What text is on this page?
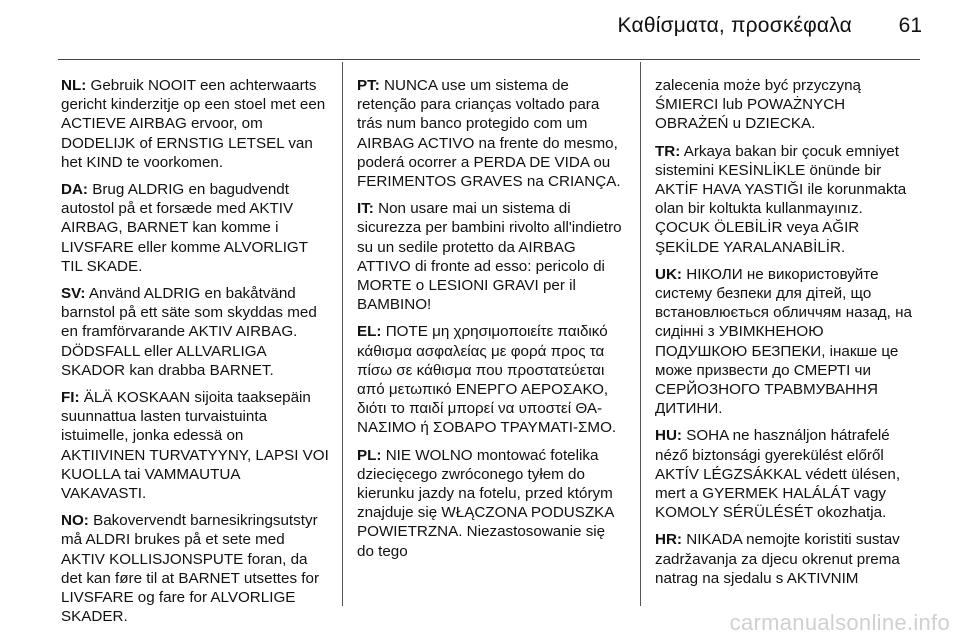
Καθίσματα, προσκέφαλα 61

NL: Gebruik NOOIT een achterwaarts gericht kinderzitje op een stoel met een ACTIEVE AIRBAG ervoor, om DODELIJK of ERNSTIG LETSEL van het KIND te voorkomen.

DA: Brug ALDRIG en bagudvendt autostol på et forsæde med AKTIV AIRBAG, BARNET kan komme i LIVSFARE eller komme ALVORLIGT TIL SKADE.

SV: Använd ALDRIG en bakåtvänd barnstol på ett säte som skyddas med en framförvarande AKTIV AIRBAG. DÖDSFALL eller ALLVARLIGA SKADOR kan drabba BARNET.

FI: ÄLÄ KOSKAAN sijoita taaksepäin suunnattua lasten turvaistuinta istuimelle, jonka edessä on AKTIIVINEN TURVATYYNY, LAPSI VOI KUOLLA tai VAMMAUTUA VAKAVASTI.

NO: Bakovervendt barnesikringsutstyr må ALDRI brukes på et sete med AKTIV KOLLISJONSPUTE foran, da det kan føre til at BARNET utsettes for LIVSFARE og fare for ALVORLIGE SKADER.

PT: NUNCA use um sistema de retenção para crianças voltado para trás num banco protegido com um AIRBAG ACTIVO na frente do mesmo, poderá ocorrer a PERDA DE VIDA ou FERIMENTOS GRAVES na CRIANÇA.

IT: Non usare mai un sistema di sicurezza per bambini rivolto all'indietro su un sedile protetto da AIRBAG ATTIVO di fronte ad esso: pericolo di MORTE o LESIONI GRAVI per il BAMBINO!

EL: ΠΟΤΕ μη χρησιμοποιείτε παιδικό κάθισμα ασφαλείας με φορά προς τα πίσω σε κάθισμα που προστατεύεται από μετωπικό ΕΝΕΡΓΟ ΑΕΡΟΣΑΚΟ, διότι το παιδί μπορεί να υποστεί ΘΑ-ΝΑΣΙΜΟ ή ΣΟΒΑΡΟ ΤΡΑΥΜΑΤΙ-ΣΜΟ.

PL: NIE WOLNO montować fotelika dziecięcego zwróconego tyłem do kierunku jazdy na fotelu, przed którym znajduje się WŁĄCZONA PODUSZKA POWIETRZNA. Niezastosowanie się do tego

zalecenia może być przyczyną ŚMIERCI lub POWAŻNYCH OBRAŻEŃ u DZIECKA.

TR: Arkaya bakan bir çocuk emniyet sistemini KESİNLİKLE önünde bir AKTİF HAVA YASTIĞI ile korunmakta olan bir koltukta kullanmayınız. ÇOCUK ÖLEBİLİR veya AĞIR ŞEKİLDE YARALANABİLİR.

UK: НІКОЛИ не використовуйте систему безпеки для дітей, що встановлюється обличчям назад, на сидінні з УВІМКНЕНОЮ ПОДУШКОЮ БЕЗПЕКИ, інакше це може призвести до СМЕРТІ чи СЕРЙОЗНОГО ТРАВМУВАННЯ ДИТИНИ.

HU: SOHA ne használjon hátrafelé néző biztonsági gyerekülést előről AKTÍV LÉGZSÁKKAL védett ülésen, mert a GYERMEK HALÁLÁT vagy KOMOLY SÉRÜLÉSÉT okozhatja.

HR: NIKADA nemojte koristiti sustav zadržavanja za djecu okrenut prema natrag na sjedalu s AKTIVNIM

carmanualsonline.info
